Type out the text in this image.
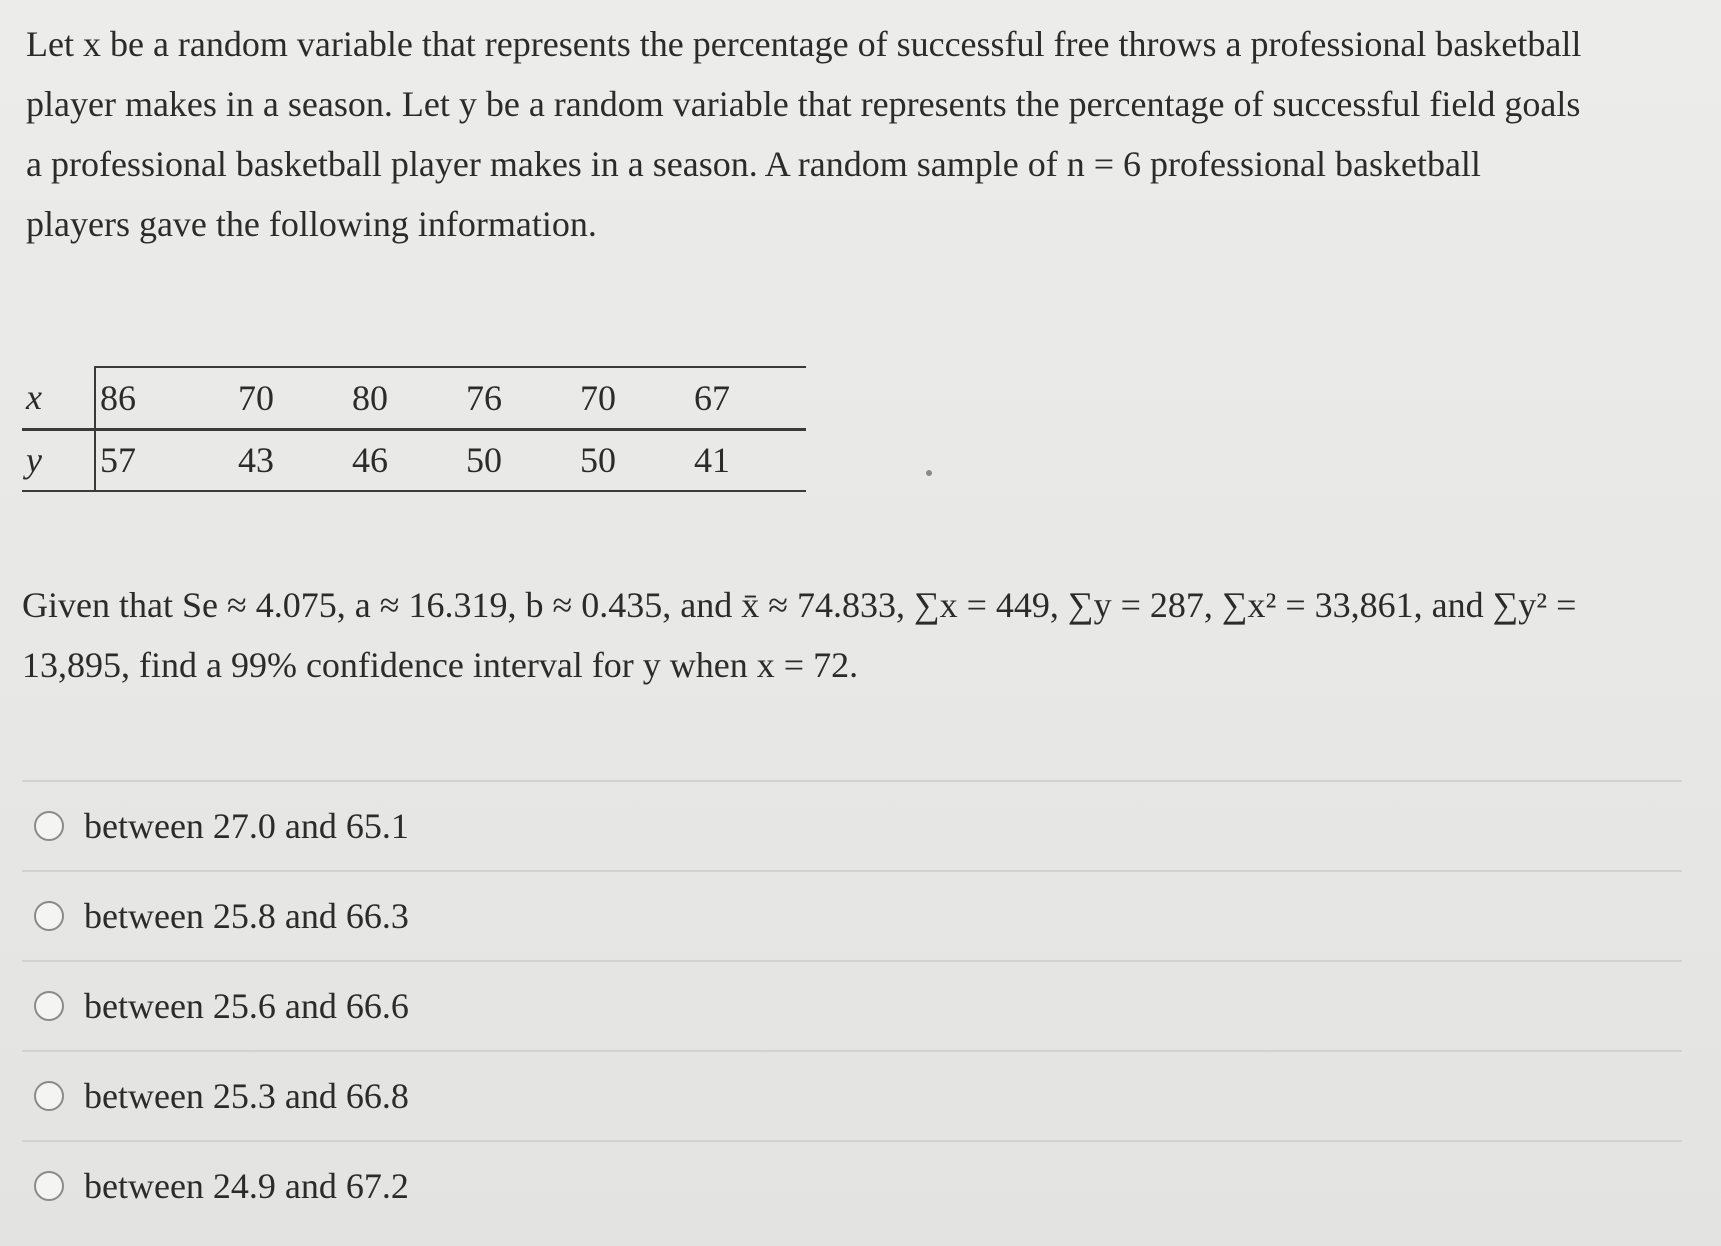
Let x be a random variable that represents the percentage of successful free throws a professional basketball

player makes in a season. Let y be a random variable that represents the percentage of successful field goals

a professional basketball player makes in a season. A random sample of n = 6 professional basketball

players gave the following information.

x	86	70	80	76	70	67
y	57	43	46	50	50	41

Given that Se ≈ 4.075, a ≈ 16.319, b ≈ 0.435, and x̄ ≈ 74.833, ∑x = 449, ∑y = 287, ∑x² = 33,861, and ∑y² =

13,895, find a 99% confidence interval for y when x = 72.

between 27.0 and 65.1
between 25.8 and 66.3
between 25.6 and 66.6
between 25.3 and 66.8
between 24.9 and 67.2
